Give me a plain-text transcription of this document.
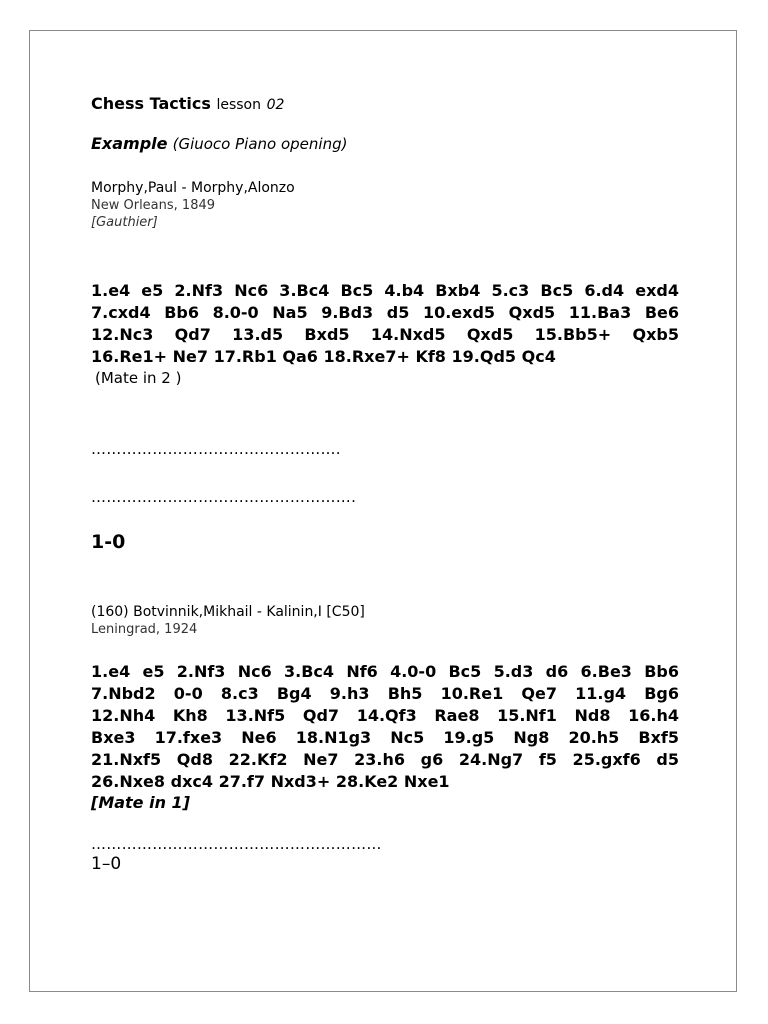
Chess Tactics lesson 02

Example (Giuoco Piano opening)
Morphy,Paul - Morphy,Alonzo
New Orleans, 1849
[Gauthier]

1.e4 e5 2.Nf3 Nc6 3.Bc4 Bc5 4.b4 Bxb4 5.c3 Bc5 6.d4 exd4

7.cxd4 Bb6 8.0-0 Na5 9.Bd3 d5 10.exd5 Qxd5 11.Ba3 Be6

12.Nc3 Qd7 13.d5 Bxd5 14.Nxd5 Qxd5 15.Bb5+ Qxb5

16.Re1+ Ne7 17.Rb1 Qa6 18.Rxe7+ Kf8 19.Qd5 Qc4

(Mate in 2 )
………………………………………….
…………………………………………….
1-0
(160) Botvinnik,Mikhail - Kalinin,I [C50]
Leningrad, 1924

1.e4 e5 2.Nf3 Nc6 3.Bc4 Nf6 4.0-0 Bc5 5.d3 d6 6.Be3 Bb6

7.Nbd2 0-0 8.c3 Bg4 9.h3 Bh5 10.Re1 Qe7 11.g4 Bg6

12.Nh4 Kh8 13.Nf5 Qd7 14.Qf3 Rae8 15.Nf1 Nd8 16.h4

Bxe3 17.fxe3 Ne6 18.N1g3 Nc5 19.g5 Ng8 20.h5 Bxf5

21.Nxf5 Qd8 22.Kf2 Ne7 23.h6 g6 24.Ng7 f5 25.gxf6 d5

26.Nxe8 dxc4 27.f7 Nxd3+ 28.Ke2 Nxe1

[Mate in 1]
…………………………………………………
1–0
